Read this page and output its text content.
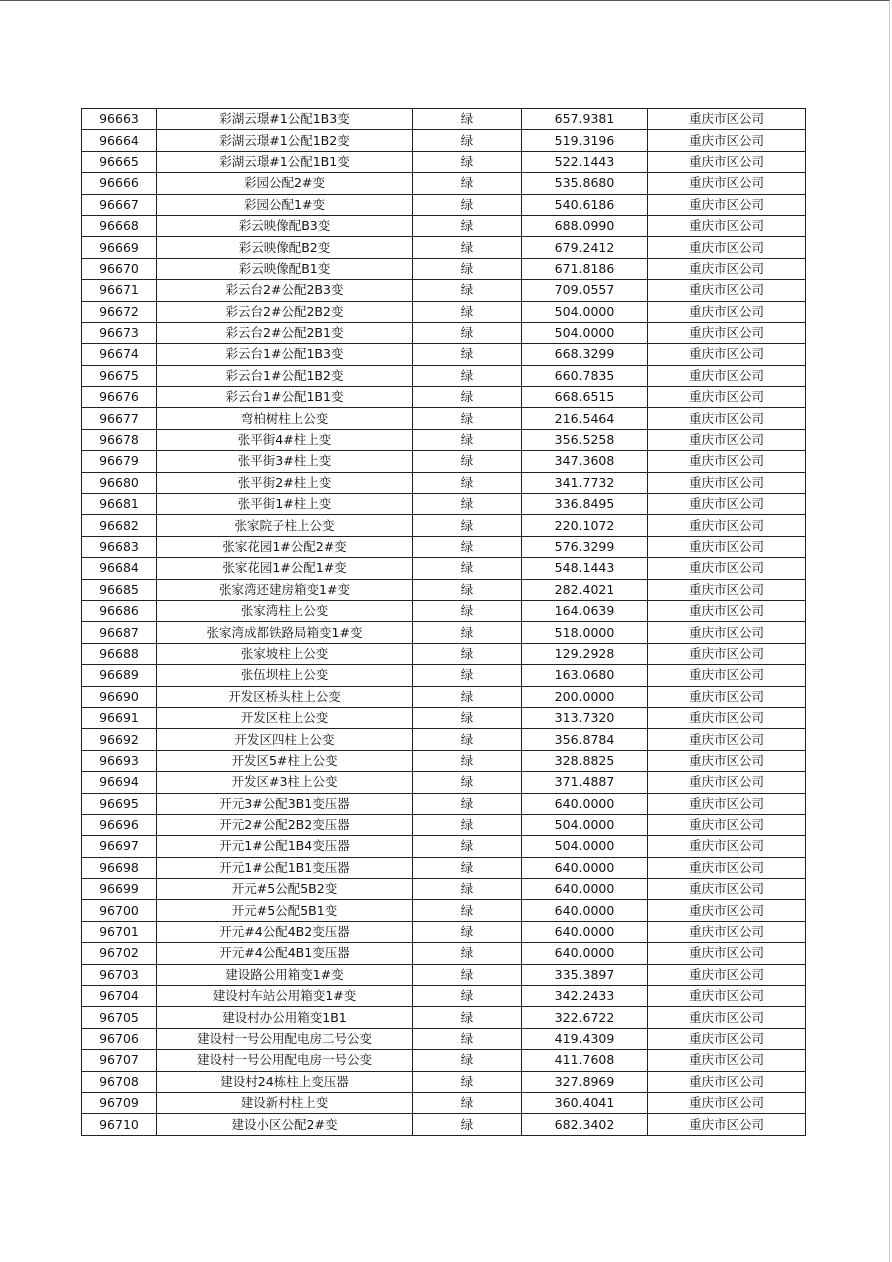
96663	彩湖云璟#1公配1B3变	绿	657.9381	重庆市区公司
96664	彩湖云璟#1公配1B2变	绿	519.3196	重庆市区公司
96665	彩湖云璟#1公配1B1变	绿	522.1443	重庆市区公司
96666	彩园公配2#变	绿	535.8680	重庆市区公司
96667	彩园公配1#变	绿	540.6186	重庆市区公司
96668	彩云映像配B3变	绿	688.0990	重庆市区公司
96669	彩云映像配B2变	绿	679.2412	重庆市区公司
96670	彩云映像配B1变	绿	671.8186	重庆市区公司
96671	彩云台2#公配2B3变	绿	709.0557	重庆市区公司
96672	彩云台2#公配2B2变	绿	504.0000	重庆市区公司
96673	彩云台2#公配2B1变	绿	504.0000	重庆市区公司
96674	彩云台1#公配1B3变	绿	668.3299	重庆市区公司
96675	彩云台1#公配1B2变	绿	660.7835	重庆市区公司
96676	彩云台1#公配1B1变	绿	668.6515	重庆市区公司
96677	弯柏树柱上公变	绿	216.5464	重庆市区公司
96678	张平街4#柱上变	绿	356.5258	重庆市区公司
96679	张平街3#柱上变	绿	347.3608	重庆市区公司
96680	张平街2#柱上变	绿	341.7732	重庆市区公司
96681	张平街1#柱上变	绿	336.8495	重庆市区公司
96682	张家院子柱上公变	绿	220.1072	重庆市区公司
96683	张家花园1#公配2#变	绿	576.3299	重庆市区公司
96684	张家花园1#公配1#变	绿	548.1443	重庆市区公司
96685	张家湾还建房箱变1#变	绿	282.4021	重庆市区公司
96686	张家湾柱上公变	绿	164.0639	重庆市区公司
96687	张家湾成都铁路局箱变1#变	绿	518.0000	重庆市区公司
96688	张家坡柱上公变	绿	129.2928	重庆市区公司
96689	张伍坝柱上公变	绿	163.0680	重庆市区公司
96690	开发区桥头柱上公变	绿	200.0000	重庆市区公司
96691	开发区柱上公变	绿	313.7320	重庆市区公司
96692	开发区四柱上公变	绿	356.8784	重庆市区公司
96693	开发区5#柱上公变	绿	328.8825	重庆市区公司
96694	开发区#3柱上公变	绿	371.4887	重庆市区公司
96695	开元3#公配3B1变压器	绿	640.0000	重庆市区公司
96696	开元2#公配2B2变压器	绿	504.0000	重庆市区公司
96697	开元1#公配1B4变压器	绿	504.0000	重庆市区公司
96698	开元1#公配1B1变压器	绿	640.0000	重庆市区公司
96699	开元#5公配5B2变	绿	640.0000	重庆市区公司
96700	开元#5公配5B1变	绿	640.0000	重庆市区公司
96701	开元#4公配4B2变压器	绿	640.0000	重庆市区公司
96702	开元#4公配4B1变压器	绿	640.0000	重庆市区公司
96703	建设路公用箱变1#变	绿	335.3897	重庆市区公司
96704	建设村车站公用箱变1#变	绿	342.2433	重庆市区公司
96705	建设村办公用箱变1B1	绿	322.6722	重庆市区公司
96706	建设村一号公用配电房二号公变	绿	419.4309	重庆市区公司
96707	建设村一号公用配电房一号公变	绿	411.7608	重庆市区公司
96708	建设村24栋柱上变压器	绿	327.8969	重庆市区公司
96709	建设新村柱上变	绿	360.4041	重庆市区公司
96710	建设小区公配2#变	绿	682.3402	重庆市区公司
